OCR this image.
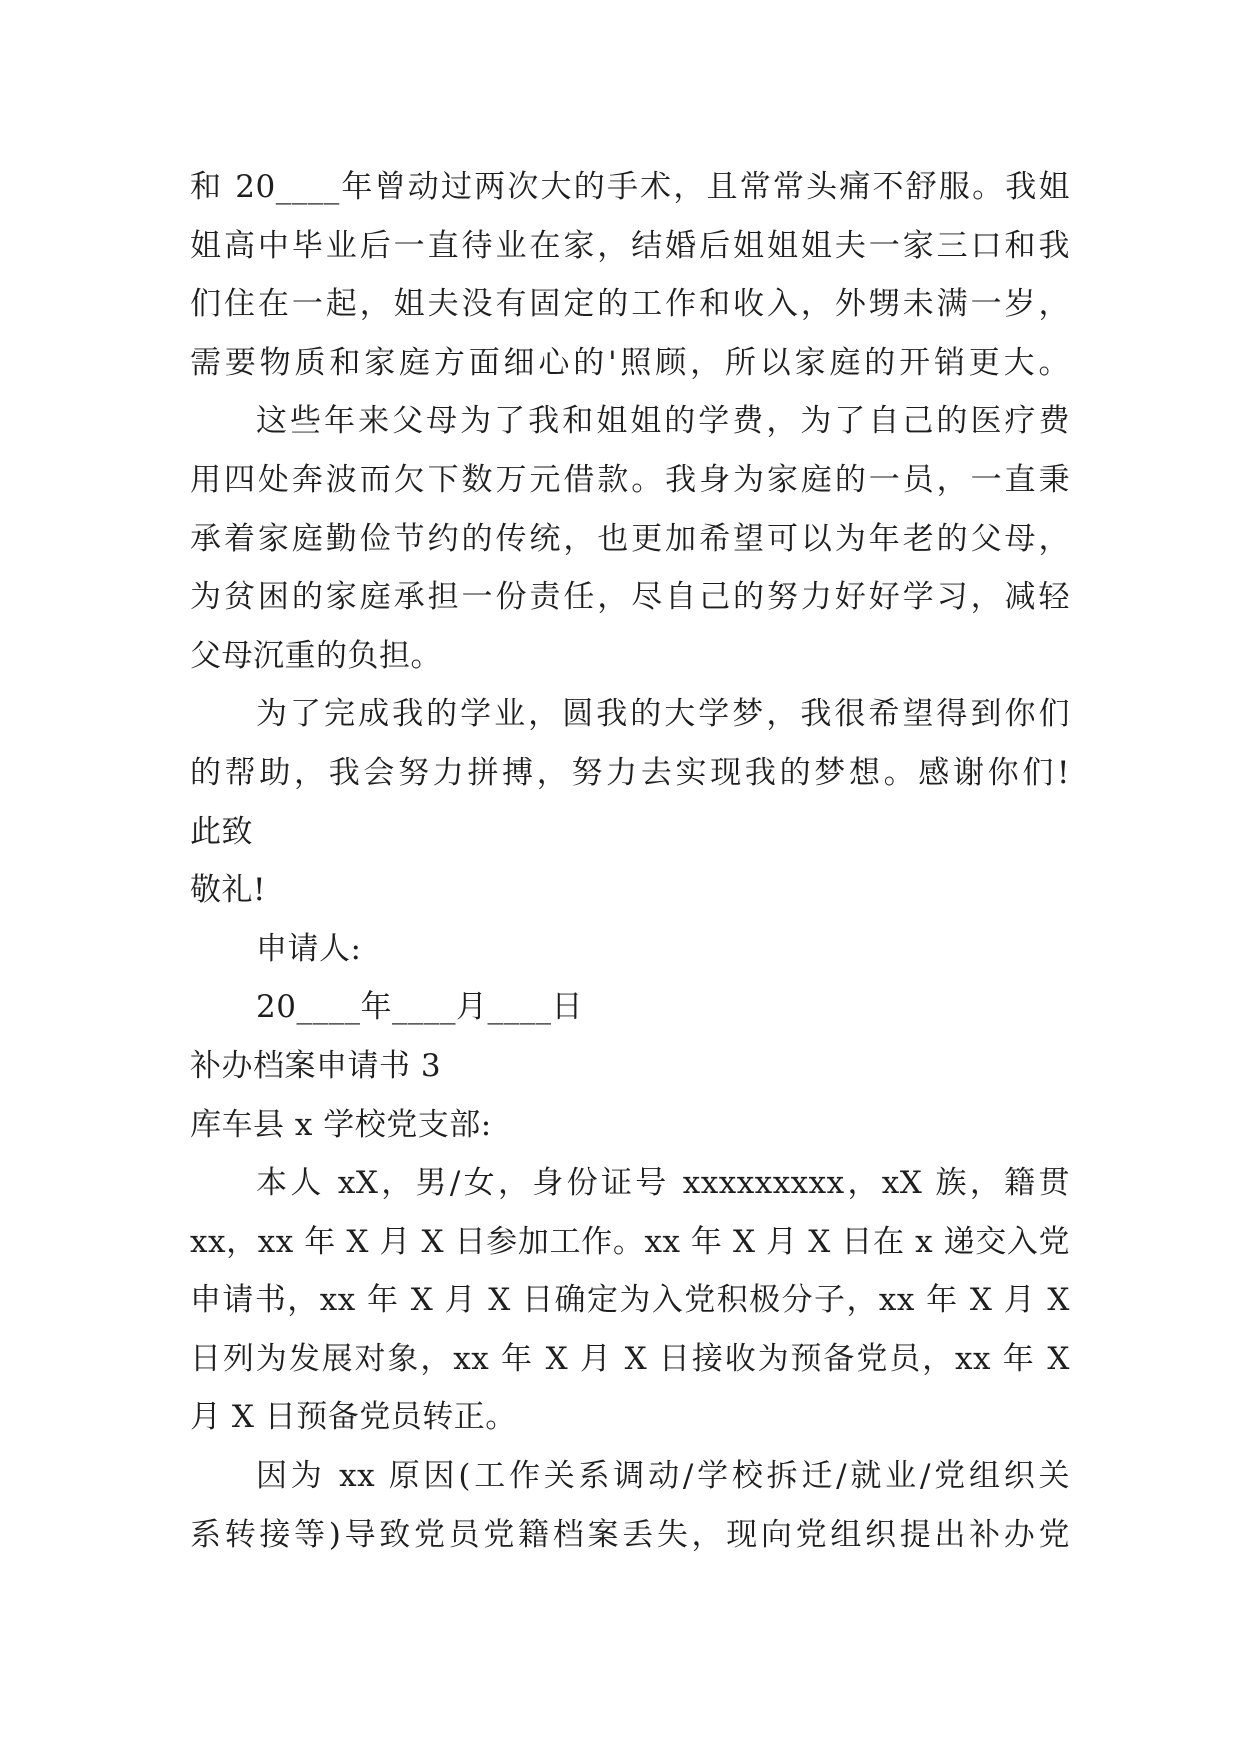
和 20____年曾动过两次大的手术，且常常头痛不舒服。我姐
姐高中毕业后一直待业在家，结婚后姐姐姐夫一家三口和我
们住在一起，姐夫没有固定的工作和收入，外甥未满一岁，
需要物质和家庭方面细心的'照顾，所以家庭的开销更大。
这些年来父母为了我和姐姐的学费，为了自己的医疗费
用四处奔波而欠下数万元借款。我身为家庭的一员，一直秉
承着家庭勤俭节约的传统，也更加希望可以为年老的父母，
为贫困的家庭承担一份责任，尽自己的努力好好学习，减轻
父母沉重的负担。
为了完成我的学业，圆我的大学梦，我很希望得到你们
的帮助，我会努力拼搏，努力去实现我的梦想。感谢你们!
此致
敬礼!
申请人:
20____年____月____日
补办档案申请书 3
库车县 x 学校党支部:
本人 xX，男/女，身份证号 xxxxxxxxx，xX 族，籍贯
xx，xx 年 X 月 X 日参加工作。xx 年 X 月 X 日在 x 递交入党
申请书，xx 年 X 月 X 日确定为入党积极分子，xx 年 X 月 X
日列为发展对象，xx 年 X 月 X 日接收为预备党员，xx 年 X
月 X 日预备党员转正。
因为 xx 原因(工作关系调动/学校拆迁/就业/党组织关
系转接等)导致党员党籍档案丢失，现向党组织提出补办党
